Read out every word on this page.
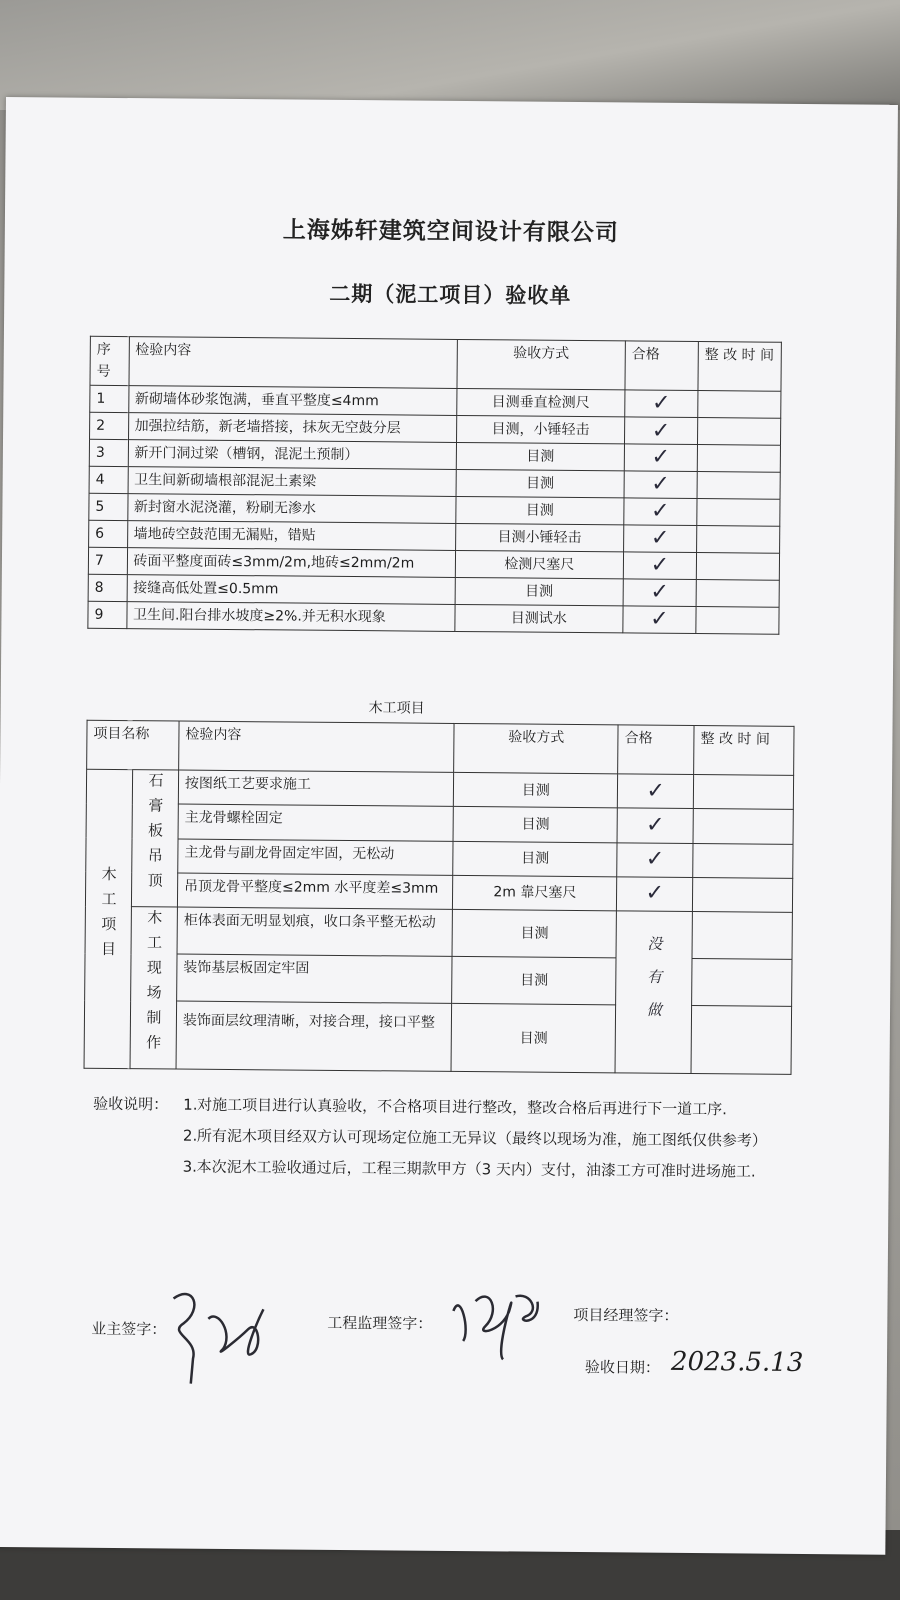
上海姊轩建筑空间设计有限公司
二期（泥工项目）验收单
序号	检验内容	验收方式	合格	整 改 时 间
1	新砌墙体砂浆饱满，垂直平整度≤4mm	目测垂直检测尺	✓	
2	加强拉结筋，新老墙搭接，抹灰无空鼓分层	目测，小锤轻击	✓	
3	新开门洞过梁（槽钢，混泥土预制）	目测	✓	
4	卫生间新砌墙根部混泥土素梁	目测	✓	
5	新封窗水泥浇灌，粉刷无渗水	目测	✓	
6	墙地砖空鼓范围无漏贴，错贴	目测小锤轻击	✓	
7	砖面平整度面砖≤3mm/2m,地砖≤2mm/2m	检测尺塞尺	✓	
8	接缝高低处置≤0.5mm	目测	✓	
9	卫生间.阳台排水坡度≥2%.并无积水现象	目测试水	✓	
木工项目
项目名称		检验内容	验收方式	合格	整 改 时 间
木工项目	石膏板吊顶	按图纸工艺要求施工	目测	✓	
		主龙骨螺栓固定	目测	✓	
		主龙骨与副龙骨固定牢固，无松动	目测	✓	
		吊顶龙骨平整度≤2mm 水平度差≤3mm	2m 靠尺塞尺	✓	
	木工现场制作	柜体表面无明显划痕，收口条平整无松动	目测	没有做	
		装饰基层板固定牢固	目测		
		装饰面层纹理清晰，对接合理，接口平整	目测		
验收说明： 1. 对施工项目进行认真验收，不合格项目进行整改，整改合格后再进行下一道工序.
2. 所有泥木项目经双方认可现场定位施工无异议（最终以现场为准，施工图纸仅供参考）
3. 本次泥木工验收通过后，工程三期款甲方（3 天内）支付，油漆工方可准时进场施工.
业主签字：	工程监理签字：	项目经理签字：
验收日期： 2023.5.13
